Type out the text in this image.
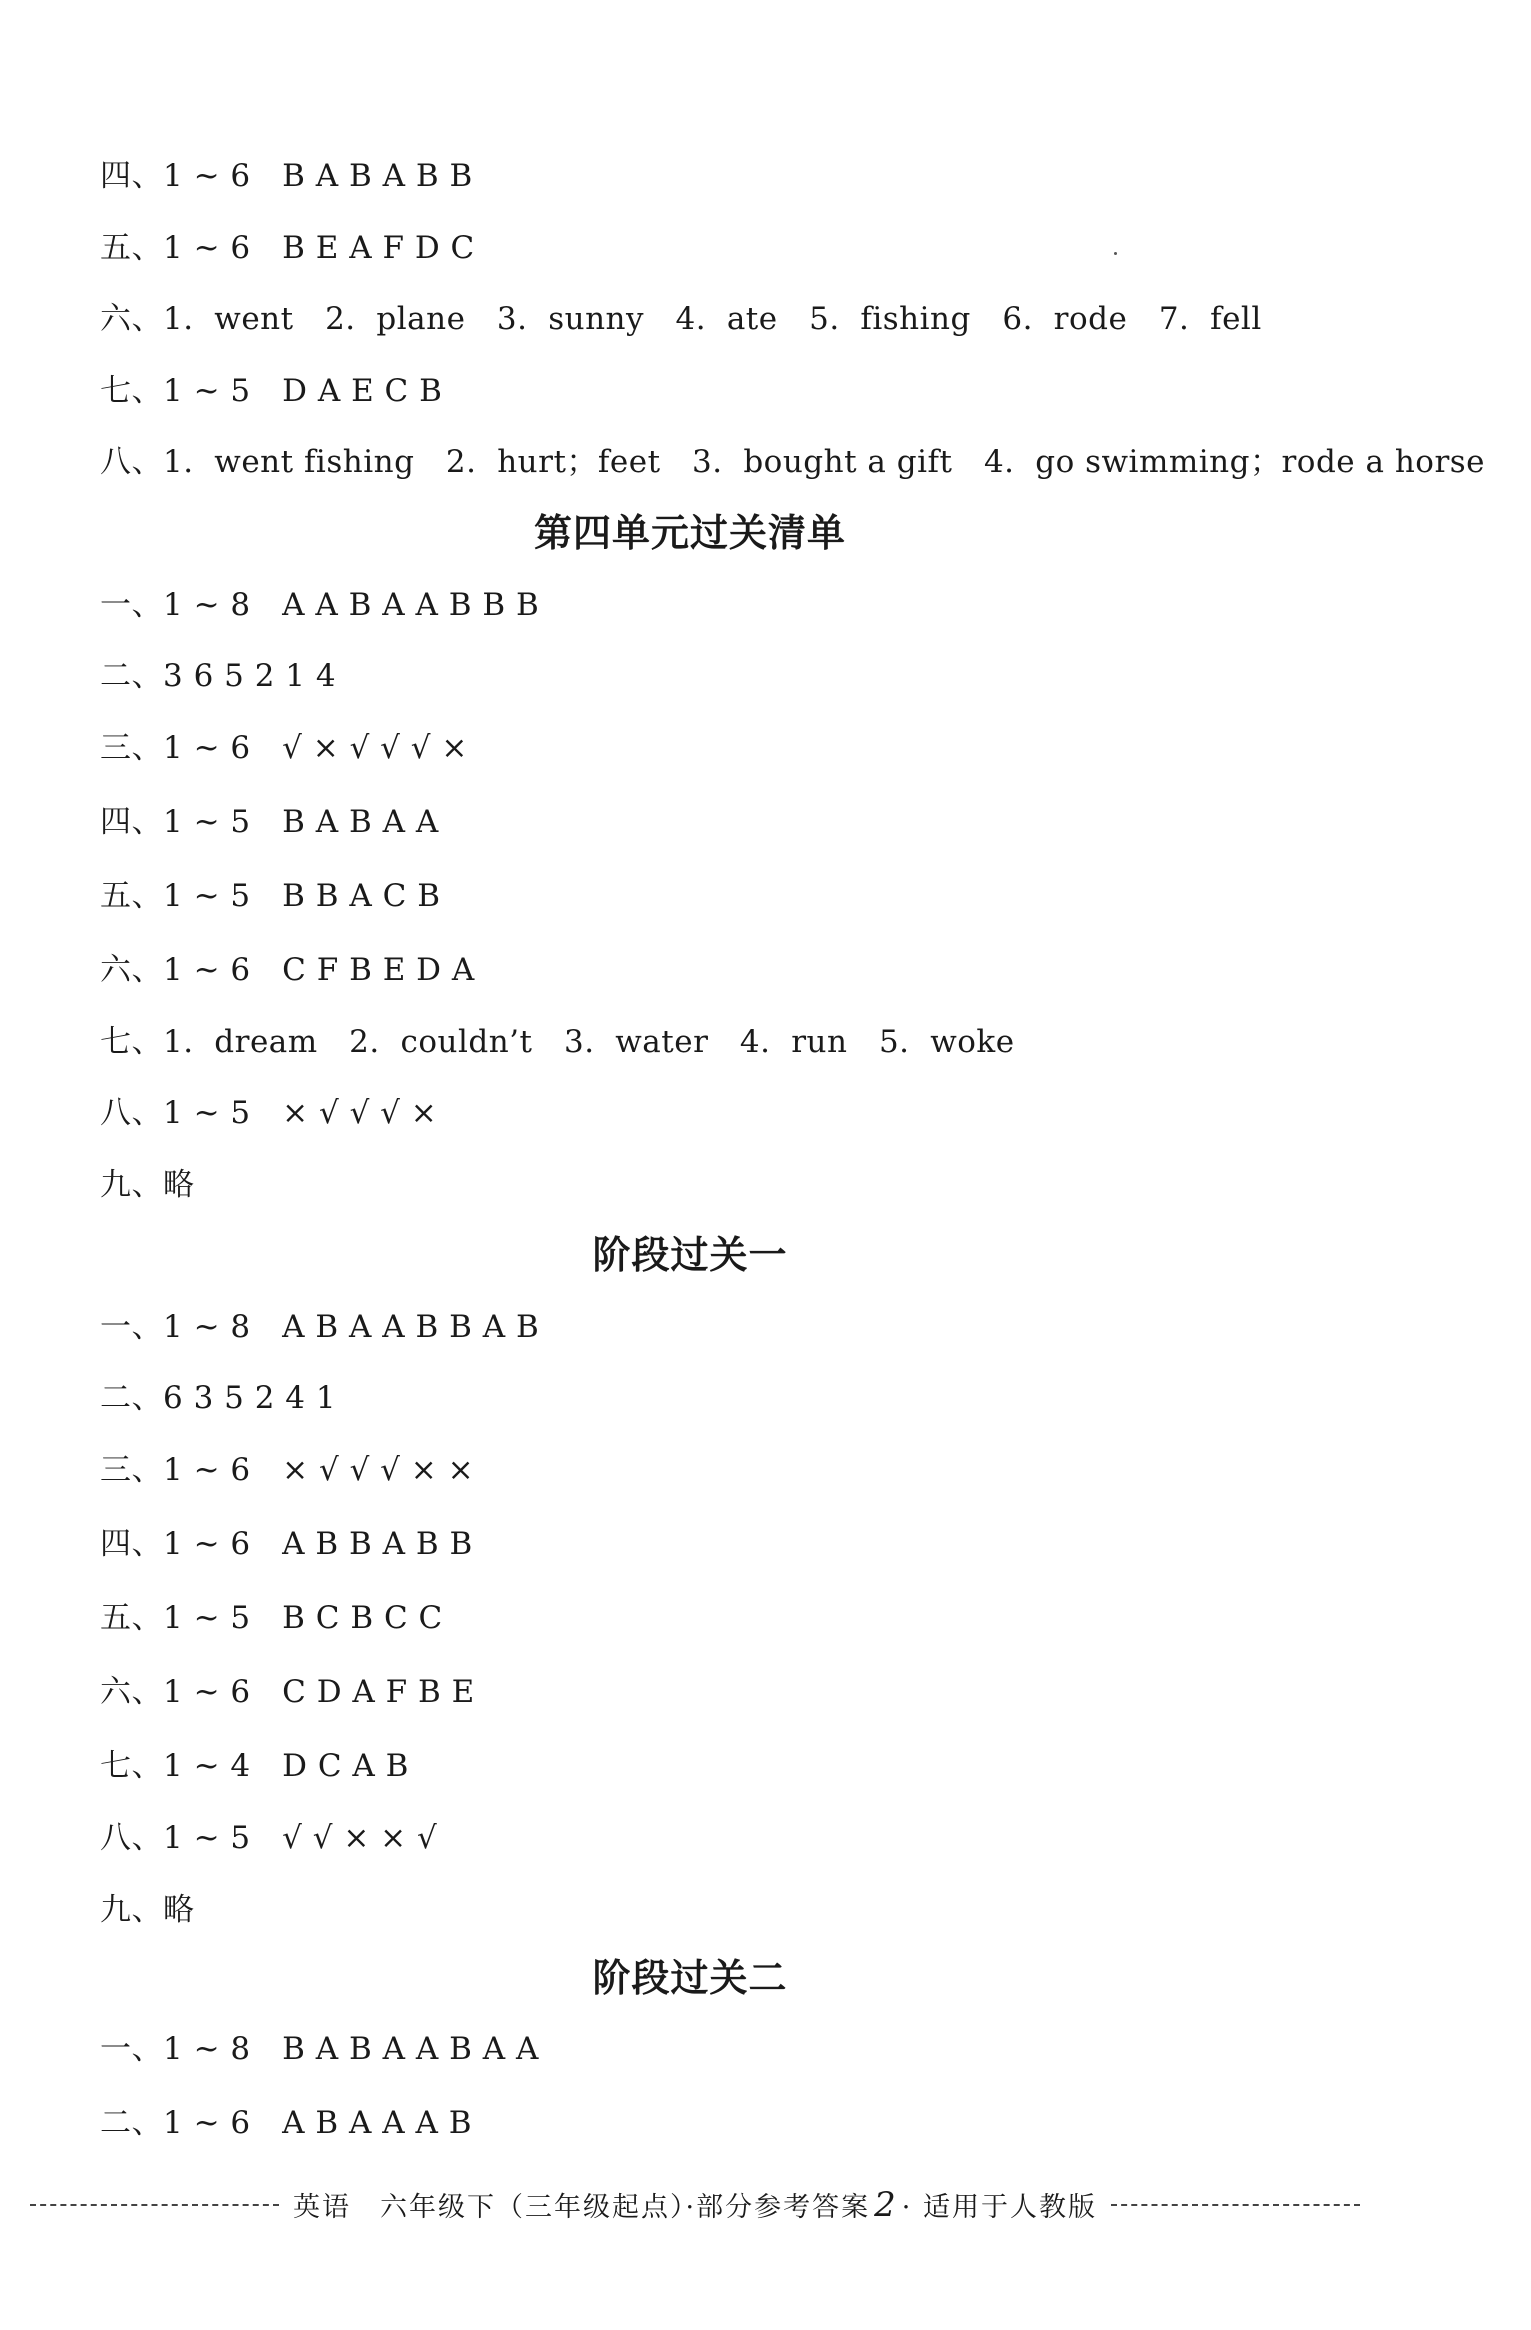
四、1 ~ 6　B A B A B B
五、1 ~ 6　B E A F D C
六、1.  went　2.  plane　3.  sunny　4.  ate　5.  fishing　6.  rode　7.  fell
七、1 ~ 5　D A E C B
八、1.  went fishing　2.  hurt；feet　3.  bought a gift　4.  go swimming；rode a horse
第四单元过关清单
一、1 ~ 8　A A B A A B B B
二、3 6 5 2 1 4
三、1 ~ 6　√ × √ √ √ ×
四、1 ~ 5　B A B A A
五、1 ~ 5　B B A C B
六、1 ~ 6　C F B E D A
七、1.  dream　2.  couldn’t　3.  water　4.  run　5.  woke
八、1 ~ 5　× √ √ √ ×
九、略
阶段过关一
一、1 ~ 8　A B A A B B A B
二、6 3 5 2 4 1
三、1 ~ 6　× √ √ √ × ×
四、1 ~ 6　A B B A B B
五、1 ~ 5　B C B C C
六、1 ~ 6　C D A F B E
七、1 ~ 4　D C A B
八、1 ~ 5　√ √ × × √
九、略
阶段过关二
一、1 ~ 8　B A B A A B A A
二、1 ~ 6　A B A A A B
英语　六年级下（三年级起点）·部分参考答案 2 · 适用于人教版
